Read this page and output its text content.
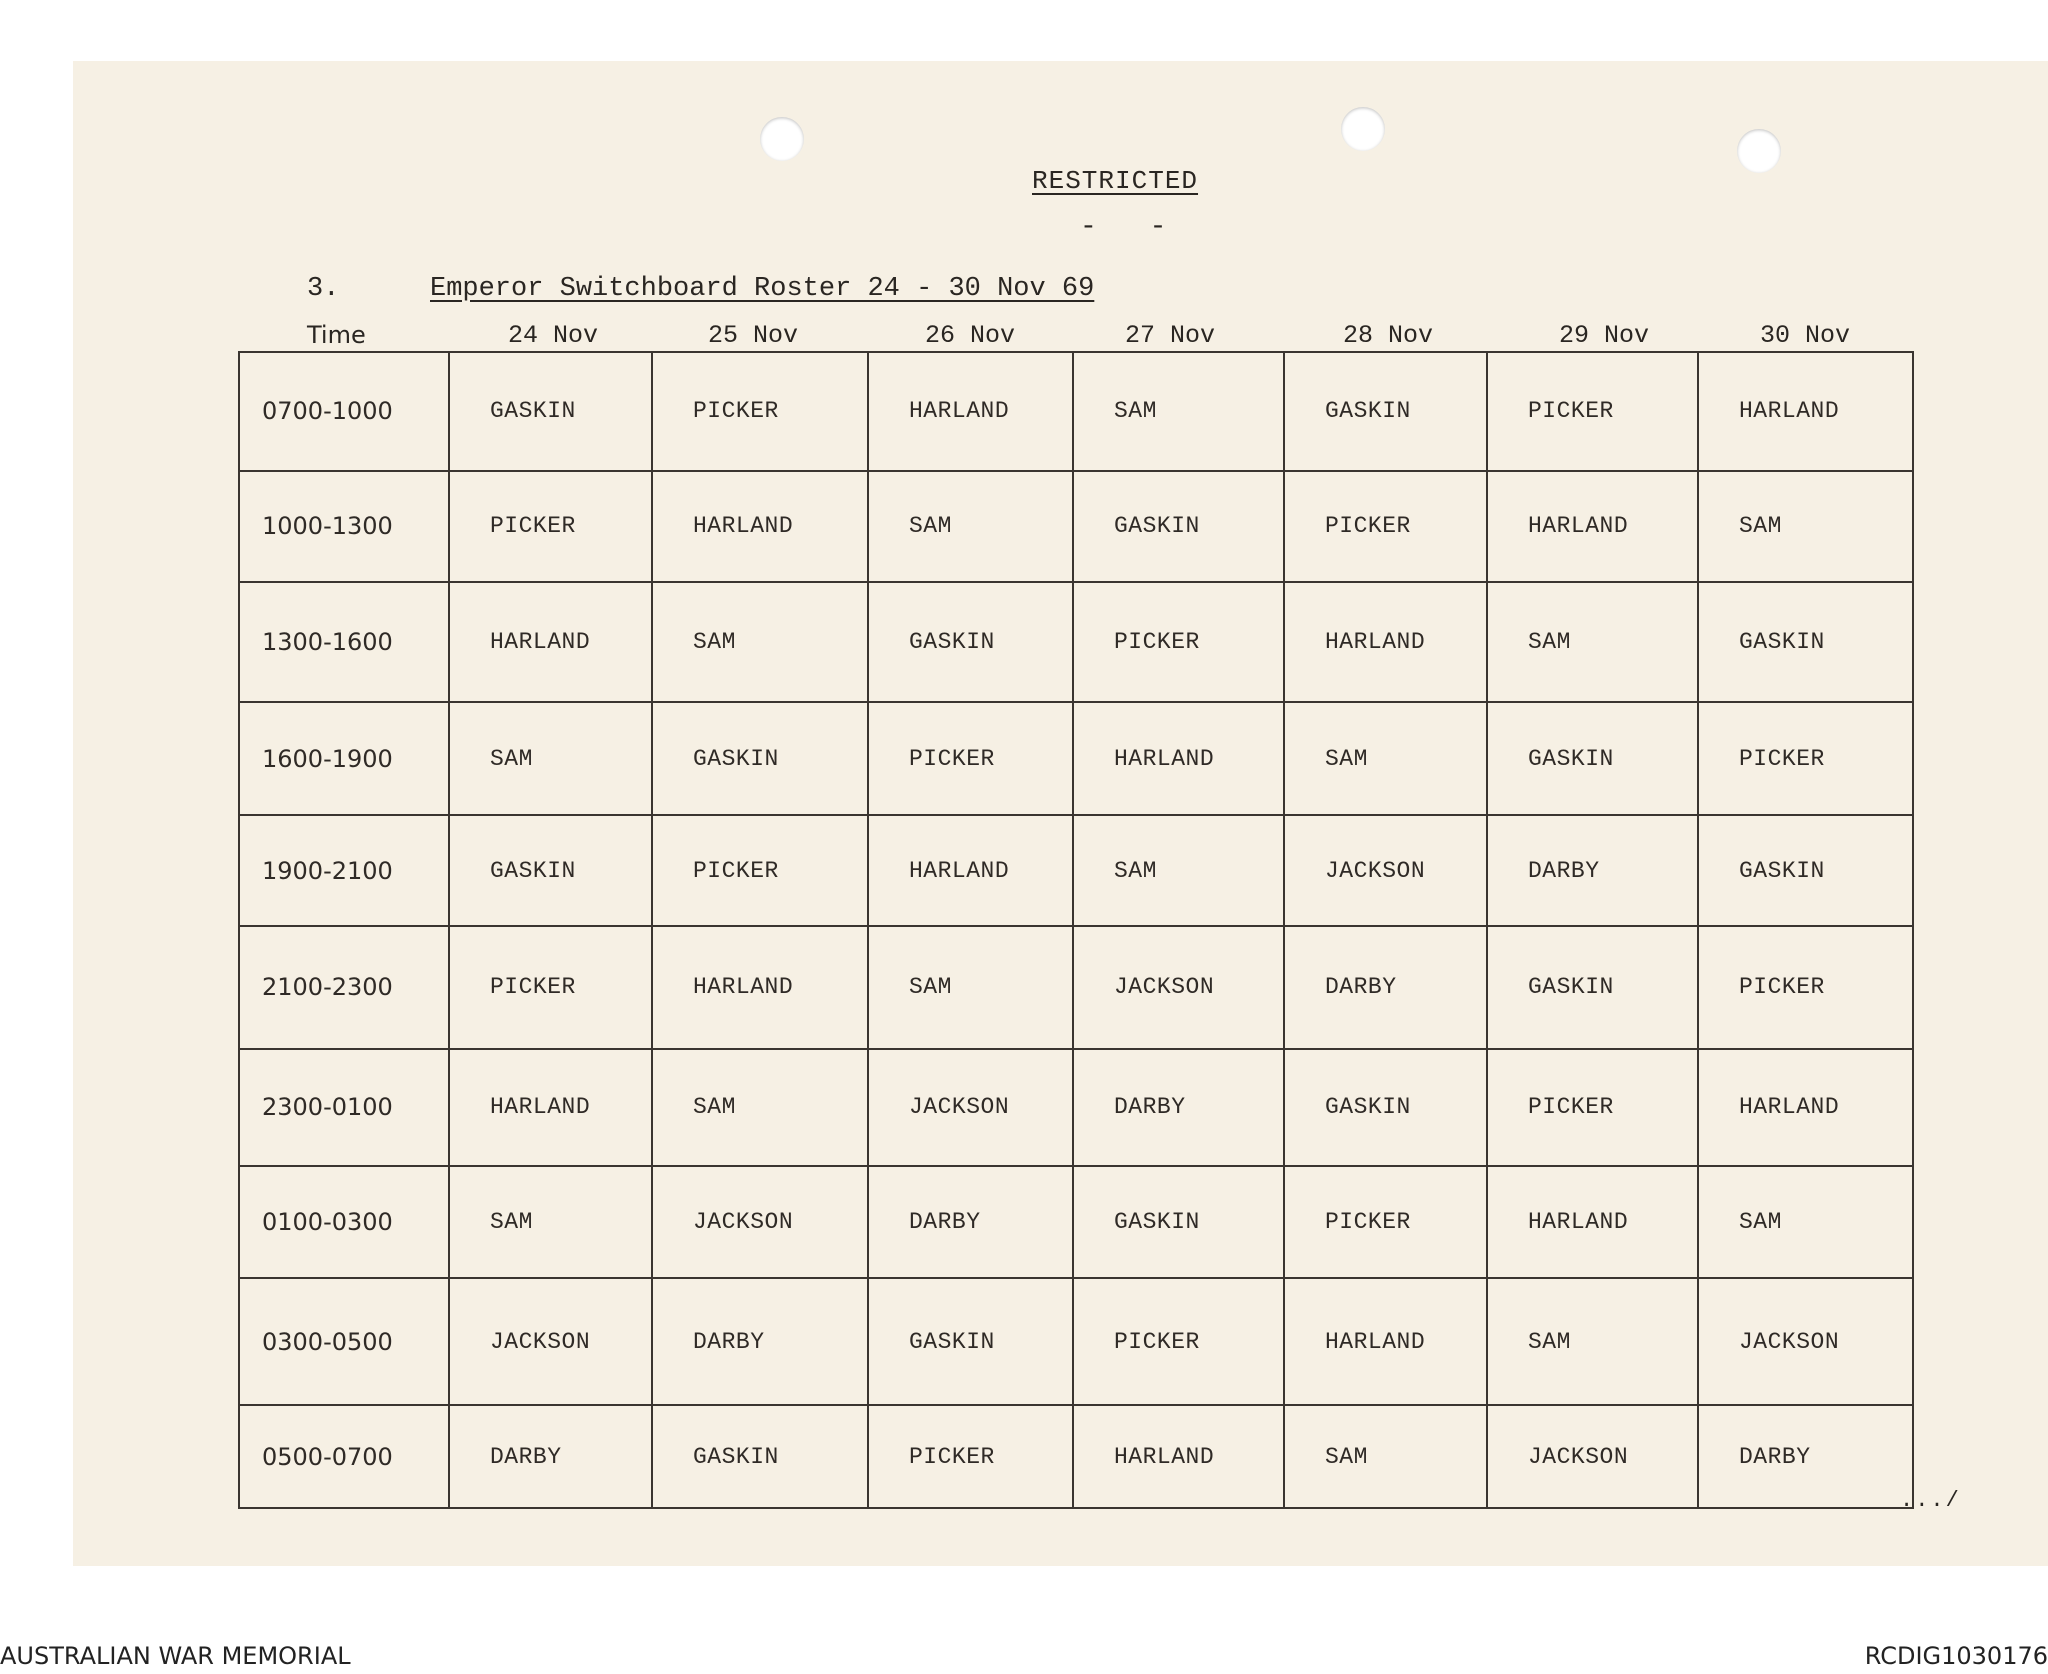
RESTRICTED
- -
3.	Emperor Switchboard Roster 24 - 30 Nov 69
Time	24 Nov	25 Nov	26 Nov	27 Nov	28 Nov	29 Nov	30 Nov
0700-1000	GASKIN	PICKER	HARLAND	SAM	GASKIN	PICKER	HARLAND
1000-1300	PICKER	HARLAND	SAM	GASKIN	PICKER	HARLAND	SAM
1300-1600	HARLAND	SAM	GASKIN	PICKER	HARLAND	SAM	GASKIN
1600-1900	SAM	GASKIN	PICKER	HARLAND	SAM	GASKIN	PICKER
1900-2100	GASKIN	PICKER	HARLAND	SAM	JACKSON	DARBY	GASKIN
2100-2300	PICKER	HARLAND	SAM	JACKSON	DARBY	GASKIN	PICKER
2300-0100	HARLAND	SAM	JACKSON	DARBY	GASKIN	PICKER	HARLAND
0100-0300	SAM	JACKSON	DARBY	GASKIN	PICKER	HARLAND	SAM
0300-0500	JACKSON	DARBY	GASKIN	PICKER	HARLAND	SAM	JACKSON
0500-0700	DARBY	GASKIN	PICKER	HARLAND	SAM	JACKSON	DARBY
.../
AUSTRALIAN WAR MEMORIAL	RCDIG1030176
